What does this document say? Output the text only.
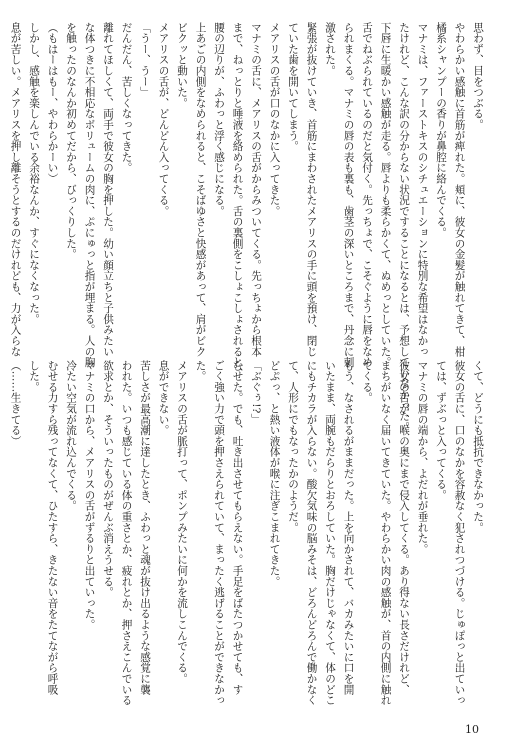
思わず、目をつぶる。

やわらかい感触に首筋が痺れた。頬に、彼女の金髪が触れてきて、柑

橘系シャンプーの香りが鼻腔に絡んでくる。

マナミは、ファーストキスのシチュエーションに特別な希望はなかっ

たけれど、こんな訳の分からない状況ですることになるとは、予想していなかった。

下唇に生暖かい感触が走る。唇よりも柔らかくて、ぬめっとしていた。

舌でねぶられているのだと気付く。先っちょで、こそぐように唇をなめ

られまくる。マナミの唇の表も裏も、歯茎の深いところまで、丹念に刺

激された。

緊張が抜けていき、首筋にまわされたメアリスの手に頭を預け、閉じ

ていた歯を開いてしまう。

メアリスの舌が口のなかに入ってきた。

マナミの舌に、メアリスの舌がからみついてくる。先っちょから根本

まで、ねっとりと唾液を絡められた。舌の裏側をこしょこしょされると、

腰の辺りが、ふわっと浮く感じになる。

上あごの内側をなめられると、こそばゆさと快感があって、肩がビク

ビクッと動いた。

メアリスの舌が、どんどん入ってくる。

「うー、うー」

だんだん、苦しくなってきた。

離れてほしくて、両手で彼女の胸を押した。幼い顔立ちと子供みたい

な体つきに不相応なボリュームの肉に、ぷにゅっと指が埋まる。人の胸

を触ったのなんか初めてだから、びっくりした。

（もはーはもー、やわらかーい）

しかし、感触を楽しんでいる余裕なんか、すぐになくなった。

息が苦しい。メアリスを押し離そうとするのだけれども、力が入らな

くて、どうにも抵抗できなかった。

彼女の舌に、口のなかを容赦なく犯されつづける。じゅぽっと出ていっ

ては、ずぶっと入ってくる。

マナミの唇の端から、よだれが垂れた。

彼女の舌が、喉の奥にまで侵入してくる。あり得ない長さだけれど、

まちがいなく届いてきていた。やわらかい肉の感触が、首の内側に触れ

てくる。

もう、なされるがままだった。上を向かされて、バカみたいに口を開

いたまま、両腕もだらりとおろしていた。胸だけじゃなくて、体のどこ

にもチカラが入らない。酸欠気味の脳みそは、どろんどろんで働かなく

て、人形にでもなったかのようだ。

どぷっ、と熱い液体が喉に注ぎこまれてきた。

「ぶぐぅ!?」

むせた。でも、吐き出させてもらえない。手足をばたつかせても、す

ごく強い力で頭を押さえられていて、まったく逃げることができなかっ

た。

メアリスの舌が脈打って、ポンプみたいに何かを流しこんでくる。

息ができない。

苦しさが最高潮に達したとき、ふわっと魂が抜け出るような感覚に襲

われた。いつも感じている体の重さとか、疲れとか、押さえこんでいる

欲求とか、そういったものがぜんぶ消えうせる。

マナミの口から、メアリスの舌がずるりと出ていった。

冷たい空気が流れ込んでくる。

むせる力すら残ってなくて、ひたすら、きたない音をたてながら呼吸

した。

（……生きてる）

10
